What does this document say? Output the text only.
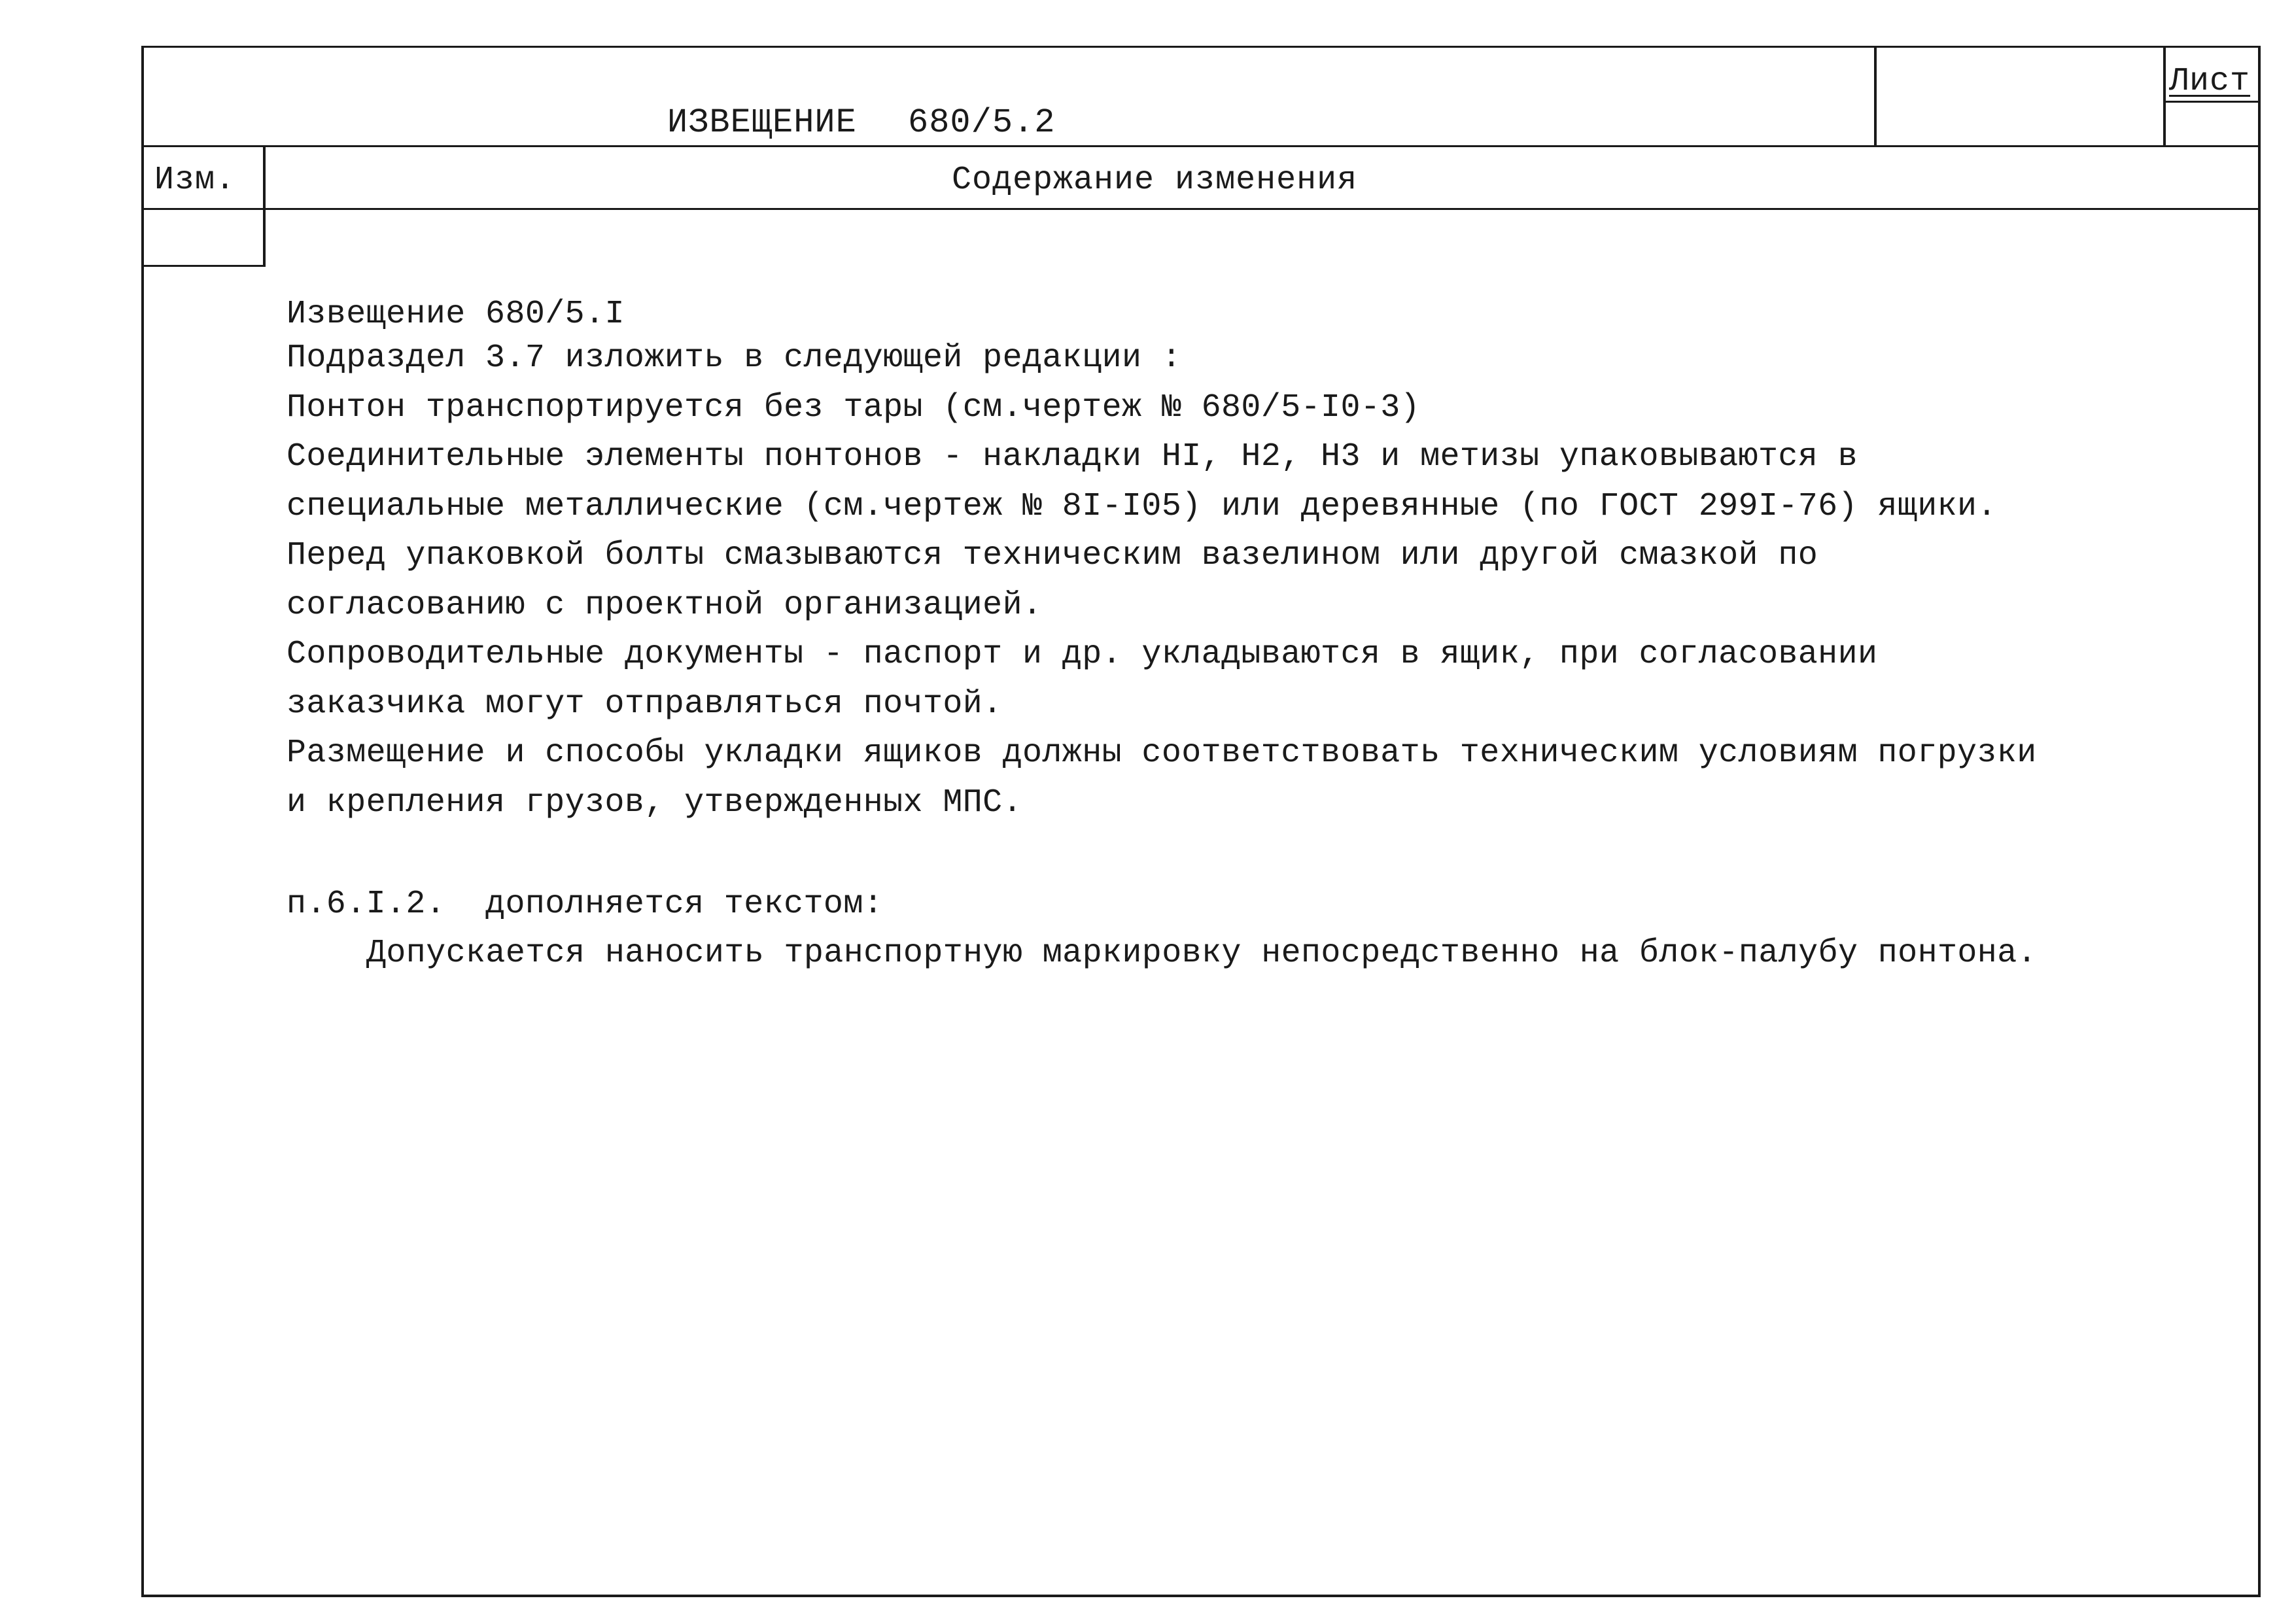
ИЗВЕЩЕНИЕ 680/5.2
Лист
Изм.	Содержание изменения
Извещение 680/5.I
Подраздел 3.7 изложить в следующей редакции :
Понтон транспортируется без тары (см.чертеж № 680/5-I0-3)
Соединительные элементы понтонов - накладки HI, H2, H3 и метизы упаковываются в
специальные металлические (см.чертеж № 8I-I05) или деревянные (по ГОСТ 299I-76) ящики.
Перед упаковкой болты смазываются техническим вазелином или другой смазкой по
согласованию с проектной организацией.
Сопроводительные документы - паспорт и др. укладываются в ящик, при согласовании
заказчика могут отправляться почтой.
Размещение и способы укладки ящиков должны соответствовать техническим условиям погрузки
и крепления грузов, утвержденных МПС.
п.6.I.2.  дополняется текстом:
Допускается наносить транспортную маркировку непосредственно на блок-палубу понтона.
